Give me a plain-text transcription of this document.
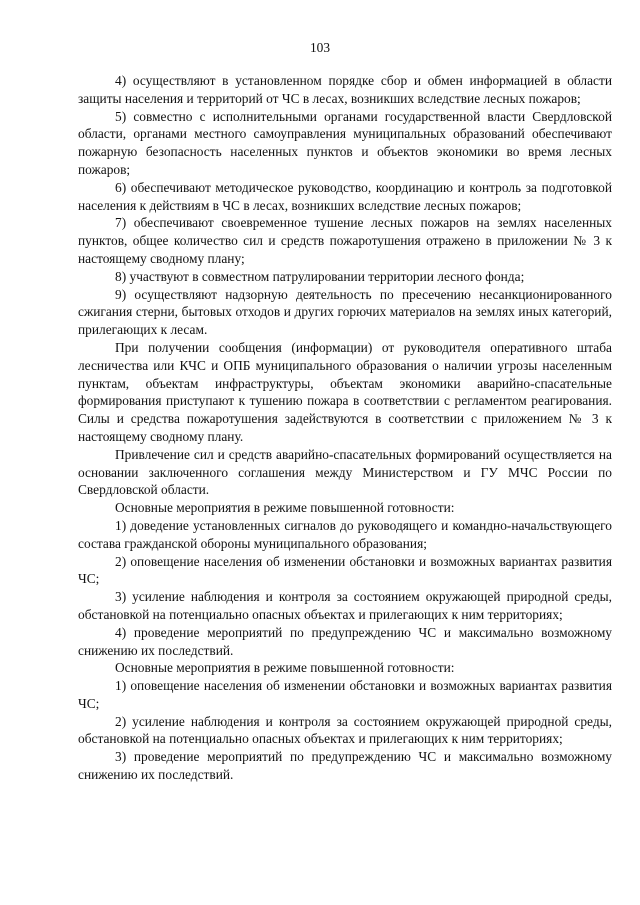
103

4) осуществляют в установленном порядке сбор и обмен информацией в области защиты населения и территорий от ЧС в лесах, возникших вследствие лесных пожаров;

5) совместно с исполнительными органами государственной власти Свердловской области, органами местного самоуправления муниципальных образований обеспечивают пожарную безопасность населенных пунктов и объектов экономики во время лесных пожаров;

6) обеспечивают методическое руководство, координацию и контроль за подготовкой населения к действиям в ЧС в лесах, возникших вследствие лесных пожаров;

7) обеспечивают своевременное тушение лесных пожаров на землях населенных пунктов, общее количество сил и средств пожаротушения отражено в приложении № 3 к настоящему сводному плану;

8) участвуют в совместном патрулировании территории лесного фонда;

9) осуществляют надзорную деятельность по пресечению несанкционированного сжигания стерни, бытовых отходов и других горючих материалов на землях иных категорий, прилегающих к лесам.

При получении сообщения (информации) от руководителя оперативного штаба лесничества или КЧС и ОПБ муниципального образования о наличии угрозы населенным пунктам, объектам инфраструктуры, объектам экономики аварийно-спасательные формирования приступают к тушению пожара в соответствии с регламентом реагирования. Силы и средства пожаротушения задействуются в соответствии с приложением № 3 к настоящему сводному плану.

Привлечение сил и средств аварийно-спасательных формирований осуществляется на основании заключенного соглашения между Министерством и ГУ МЧС России по Свердловской области.

Основные мероприятия в режиме повышенной готовности:

1) доведение установленных сигналов до руководящего и командно-начальствующего состава гражданской обороны муниципального образования;

2) оповещение населения об изменении обстановки и возможных вариантах развития ЧС;

3) усиление наблюдения и контроля за состоянием окружающей природной среды, обстановкой на потенциально опасных объектах и прилегающих к ним территориях;

4) проведение мероприятий по предупреждению ЧС и максимально возможному снижению их последствий.

Основные мероприятия в режиме повышенной готовности:

1) оповещение населения об изменении обстановки и возможных вариантах развития ЧС;

2) усиление наблюдения и контроля за состоянием окружающей природной среды, обстановкой на потенциально опасных объектах и прилегающих к ним территориях;

3) проведение мероприятий по предупреждению ЧС и максимально возможному снижению их последствий.
